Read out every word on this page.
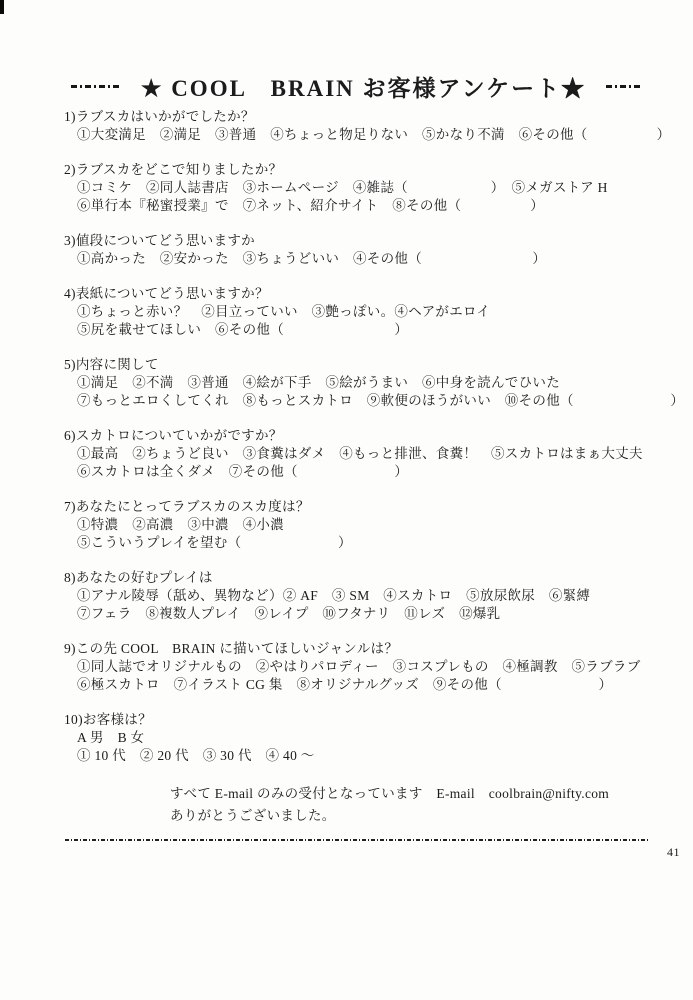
★ COOL　BRAIN お客様アンケート★
1)ラブスカはいかがでしたか？
①大変満足　②満足　③普通　④ちょっと物足りない　⑤かなり不満　⑥その他（　　　　　）
2)ラブスカをどこで知りましたか？
①コミケ　②同人誌書店　③ホームページ　④雑誌（　　　　　　）　⑤メガストア H
⑥単行本『秘蜜授業』で　⑦ネット、紹介サイト　⑧その他（　　　　　）
3)値段についてどう思いますか
①高かった　②安かった　③ちょうどいい　④その他（　　　　　　　　）
4)表紙についてどう思いますか？
①ちょっと赤い？　②目立っていい　③艶っぽい。④ヘアがエロイ
⑤尻を載せてほしい　⑥その他（　　　　　　　　）
5)内容に関して
①満足　②不満　③普通　④絵が下手　⑤絵がうまい　⑥中身を読んでひいた
⑦もっとエロくしてくれ　⑧もっとスカトロ　⑨軟便のほうがいい　⑩その他（　　　　　　　）
6)スカトロについていかがですか？
①最高　②ちょうど良い　③食糞はダメ　④もっと排泄、食糞！　⑤スカトロはまぁ大丈夫
⑥スカトロは全くダメ　⑦その他（　　　　　　　）
7)あなたにとってラブスカのスカ度は？
①特濃　②高濃　③中濃　④小濃
⑤こういうプレイを望む（　　　　　　　）
8)あなたの好むプレイは
①アナル陵辱（舐め、異物など）② AF　③ SM　④スカトロ　⑤放尿飲尿　⑥緊縛
⑦フェラ　⑧複数人プレイ　⑨レイプ　⑩フタナリ　⑪レズ　⑫爆乳
9)この先 COOL　BRAIN に描いてほしいジャンルは？
①同人誌でオリジナルもの　②やはりパロディー　③コスプレもの　④極調教　⑤ラブラブ
⑥極スカトロ　⑦イラスト CG 集　⑧オリジナルグッズ　⑨その他（　　　　　　　）
10)お客様は？
A 男　B 女
① 10 代　② 20 代　③ 30 代　④ 40 ～
すべて E-mail のみの受付となっています　E-mail　coolbrain@nifty.com
ありがとうございました。
41
